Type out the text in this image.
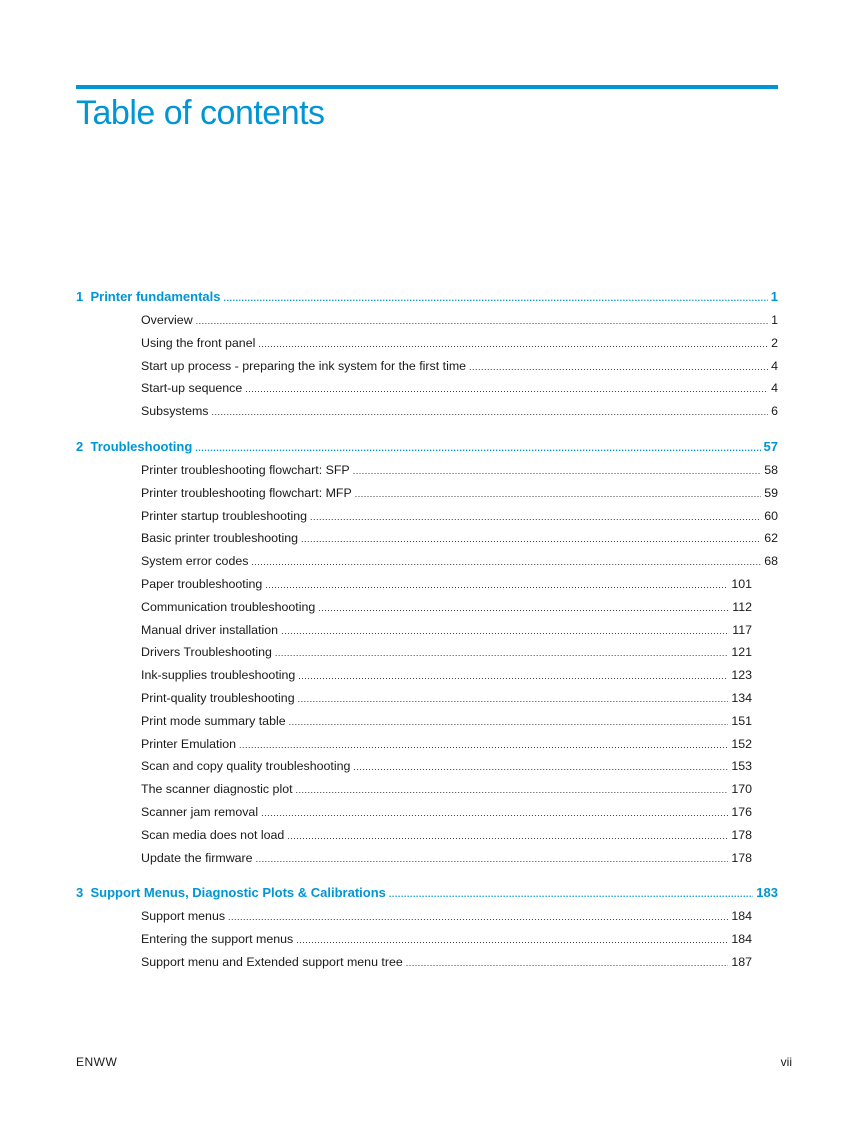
Table of contents
1 Printer fundamentals .....	1
Overview .....	1
Using the front panel .....	2
Start up process - preparing the ink system for the first time .....	4
Start-up sequence .....	4
Subsystems .....	6
2 Troubleshooting .....	57
Printer troubleshooting flowchart: SFP .....	58
Printer troubleshooting flowchart: MFP .....	59
Printer startup troubleshooting .....	60
Basic printer troubleshooting .....	62
System error codes .....	68
Paper troubleshooting .....	101
Communication troubleshooting .....	112
Manual driver installation .....	117
Drivers Troubleshooting .....	121
Ink-supplies troubleshooting .....	123
Print-quality troubleshooting .....	134
Print mode summary table .....	151
Printer Emulation .....	152
Scan and copy quality troubleshooting .....	153
The scanner diagnostic plot .....	170
Scanner jam removal .....	176
Scan media does not load .....	178
Update the firmware .....	178
3 Support Menus, Diagnostic Plots & Calibrations .....	183
Support menus .....	184
Entering the support menus .....	184
Support menu and Extended support menu tree .....	187
ENWW	vii
